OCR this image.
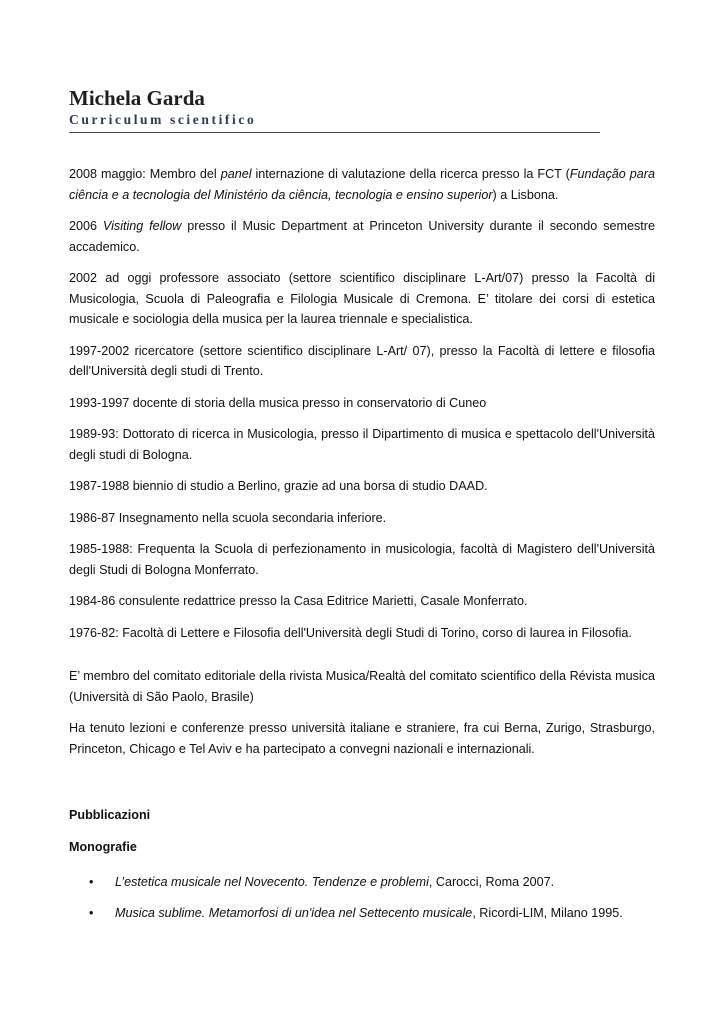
Michela Garda
Curriculum scientifico

2008 maggio: Membro del panel internazione di valutazione della ricerca presso la FCT (Fundação para ciência e a tecnologia del Ministério da ciência, tecnologia e ensino superior) a Lisbona.

2006 Visiting fellow presso il Music Department at Princeton University durante il secondo semestre accademico.

2002 ad oggi professore associato (settore scientifico disciplinare L-Art/07) presso la Facoltà di Musicologia, Scuola di Paleografia e Filologia Musicale di Cremona. E’ titolare dei corsi di estetica musicale e sociologia della musica per la laurea triennale e specialistica.

1997-2002 ricercatore (settore scientifico disciplinare L-Art/ 07), presso la Facoltà di lettere e filosofia dell'Università degli studi di Trento.

1993-1997 docente di storia della musica presso in conservatorio di Cuneo

1989-93: Dottorato di ricerca in Musicologia, presso il Dipartimento di musica e spettacolo dell'Università degli studi di Bologna.

1987-1988 biennio di studio a Berlino, grazie ad una borsa di studio DAAD.

1986-87 Insegnamento nella scuola secondaria inferiore.

1985-1988: Frequenta la Scuola di perfezionamento in musicologia, facoltà di Magistero dell'Università degli Studi di Bologna Monferrato.

1984-86 consulente redattrice presso la Casa Editrice Marietti, Casale Monferrato.

1976-82: Facoltà di Lettere e Filosofia dell'Università degli Studi di Torino, corso di laurea in Filosofia.

E’ membro del comitato editoriale della rivista Musica/Realtà del comitato scientifico della Révista musica (Università di São Paolo, Brasile)

Ha tenuto lezioni e conferenze presso università italiane e straniere, fra cui Berna, Zurigo, Strasburgo, Princeton, Chicago e Tel Aviv e ha partecipato a convegni nazionali e internazionali.

Pubblicazioni
Monografie
• L’estetica musicale nel Novecento. Tendenze e problemi, Carocci, Roma 2007.
• Musica sublime. Metamorfosi di un'idea nel Settecento musicale, Ricordi-LIM, Milano 1995.
